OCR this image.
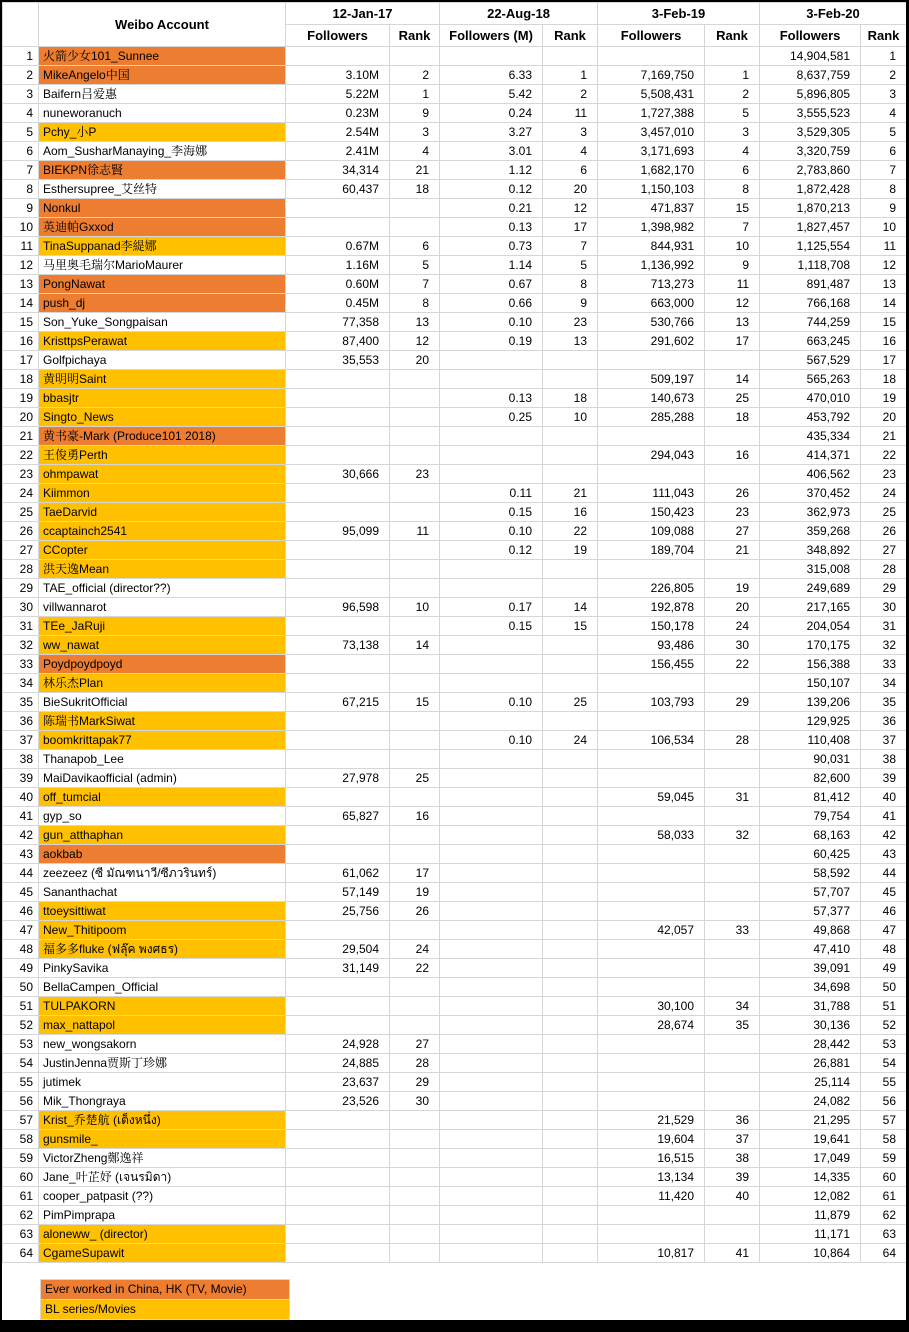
	Weibo Account	12-Jan-17		22-Aug-18		3-Feb-19		3-Feb-20	
		Followers	Rank	Followers (M)	Rank	Followers	Rank	Followers	Rank
1	火箭少女101_Sunnee							14,904,581	1
2	MikeAngelo中国	3.10M	2	6.33	1	7,169,750	1	8,637,759	2
3	Baifern吕爱惠	5.22M	1	5.42	2	5,508,431	2	5,896,805	3
4	nuneworanuch	0.23M	9	0.24	11	1,727,388	5	3,555,523	4
5	Pchy_小P	2.54M	3	3.27	3	3,457,010	3	3,529,305	5
6	Aom_SusharManaying_李海娜	2.41M	4	3.01	4	3,171,693	4	3,320,759	6
7	BIEKPN徐志賢	34,314	21	1.12	6	1,682,170	6	2,783,860	7
8	Esthersupree_艾丝特	60,437	18	0.12	20	1,150,103	8	1,872,428	8
9	Nonkul			0.21	12	471,837	15	1,870,213	9
10	英迪帕Gxxod			0.13	17	1,398,982	7	1,827,457	10
11	TinaSuppanad李緹娜	0.67M	6	0.73	7	844,931	10	1,125,554	11
12	马里奥毛瑞尔MarioMaurer	1.16M	5	1.14	5	1,136,992	9	1,118,708	12
13	PongNawat	0.60M	7	0.67	8	713,273	11	891,487	13
14	push_dj	0.45M	8	0.66	9	663,000	12	766,168	14
15	Son_Yuke_Songpaisan	77,358	13	0.10	23	530,766	13	744,259	15
16	KristtpsPerawat	87,400	12	0.19	13	291,602	17	663,245	16
17	Golfpichaya	35,553	20					567,529	17
18	黄明明Saint					509,197	14	565,263	18
19	bbasjtr			0.13	18	140,673	25	470,010	19
20	Singto_News			0.25	10	285,288	18	453,792	20
21	黄书豪-Mark (Produce101 2018)							435,334	21
22	王俊勇Perth					294,043	16	414,371	22
23	ohmpawat	30,666	23					406,562	23
24	Kiimmon			0.11	21	111,043	26	370,452	24
25	TaeDarvid			0.15	16	150,423	23	362,973	25
26	ccaptainch2541	95,099	11	0.10	22	109,088	27	359,268	26
27	CCopter			0.12	19	189,704	21	348,892	27
28	洪天逸Mean							315,008	28
29	TAE_official (director??)					226,805	19	249,689	29
30	villwannarot	96,598	10	0.17	14	192,878	20	217,165	30
31	TEe_JaRuji			0.15	15	150,178	24	204,054	31
32	ww_nawat	73,138	14			93,486	30	170,175	32
33	Poydpoydpoyd					156,455	22	156,388	33
34	林乐杰Plan							150,107	34
35	BieSukritOfficial	67,215	15	0.10	25	103,793	29	139,206	35
36	陈瑞书MarkSiwat							129,925	36
37	boomkrittapak77			0.10	24	106,534	28	110,408	37
38	Thanapob_Lee							90,031	38
39	MaiDavikaofficial (admin)	27,978	25					82,600	39
40	off_tumcial					59,045	31	81,412	40
41	gyp_so	65,827	16					79,754	41
42	gun_atthaphan					58,033	32	68,163	42
43	aokbab							60,425	43
44	zeezeez (ซี มัณฑนาวี/ซีภวรินทร์)	61,062	17					58,592	44
45	Sananthachat	57,149	19					57,707	45
46	ttoeysittiwat	25,756	26					57,377	46
47	New_Thitipoom					42,057	33	49,868	47
48	福多多fluke (ฟลุ๊ค พงศธร)	29,504	24					47,410	48
49	PinkySavika	31,149	22					39,091	49
50	BellaCampen_Official							34,698	50
51	TULPAKORN					30,100	34	31,788	51
52	max_nattapol					28,674	35	30,136	52
53	new_wongsakorn	24,928	27					28,442	53
54	JustinJenna贾斯丁珍娜	24,885	28					26,881	54
55	jutimek	23,637	29					25,114	55
56	Mik_Thongraya	23,526	30					24,082	56
57	Krist_乔楚航 (เต็งหนึ่ง)					21,529	36	21,295	57
58	gunsmile_					19,604	37	19,641	58
59	VictorZheng鄭逸祥					16,515	38	17,049	59
60	Jane_叶芷妤 (เจนรมิดา)					13,134	39	14,335	60
61	cooper_patpasit (??)					11,420	40	12,082	61
62	PimPimprapa							11,879	62
63	aloneww_ (director)							11,171	63
64	CgameSupawit					10,817	41	10,864	64
Ever worked in China, HK (TV, Movie)
BL series/Movies
